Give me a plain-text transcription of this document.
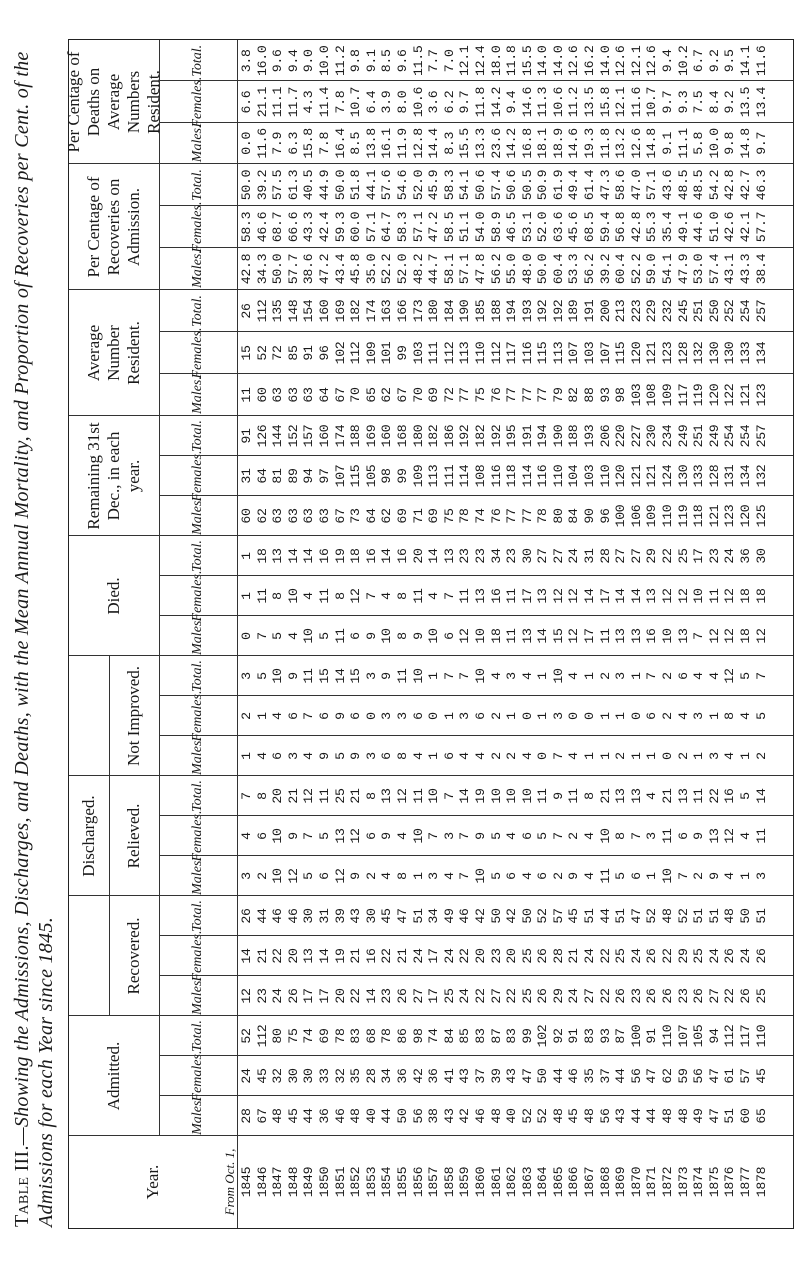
Table III.—Showing the Admissions, Discharges, and Deaths, with the Mean Annual Mortality, and Proportion of Recoveries per Cent. of the Admissions for each Year since 1845.	Year.
Admitted.
Discharged.
Recovered.
Relieved.
Not Improved.
Died.
Remaining 31st Dec., in each year.
Average Number Resident.
Per Centage of Recoveries on Admission.
Per Centage of Deaths on Average Numbers Resident.
From Oct. 1, 1845 1846 1847 1848 1849 1850 1851 1852 1853 1854 1855 1856 1857 1858 1859 1860 1861 1862 1863 1864 1865 1866 1867 1868 1869 1870 1871 1872 1873 1874 1875 1876 1877 1878
28 67 48 45 44 36 46 48 40 44 50 56 38 43 42 46 48 40 52 52 48 45 48 56 43 44 44 48 48 49 47 51 60 65
24 45 32 30 30 33 32 35 28 34 36 42 36 41 43 37 39 43 47 50 44 46 35 37 44 56 47 62 59 56 47 61 57 45
52 112 80 75 74 69 78 83 68 78 86 98 74 84 85 83 87 83 99 102 92 91 83 93 87 100 91 110 107 105 94 112 117 110
12 23 24 26 17 17 20 22 14 23 26 27 17 25 24 22 27 22 25 26 29 24 27 22 26 23 26 26 23 26 27 22 26 25
14 21 22 20 13 14 19 21 16 22 21 24 17 24 22 20 23 20 25 26 28 21 24 22 25 24 26 22 29 25 24 26 24 26
26 44 46 46 30 31 39 43 30 45 47 51 34 49 46 42 50 42 50 52 57 45 51 44 51 47 52 48 52 51 51 48 50 51
3 2 10 12 5 6 12 9 2 4 8 1 3 4 7 10 5 6 4 6 2 9 4 11 5 6 1 10 7 2 9 4 1 3
4 6 10 9 7 5 13 12 6 9 4 10 7 3 7 9 5 4 6 5 7 2 4 10 8 7 3 11 6 9 13 12 4 11
7 8 20 21 12 11 25 21 8 13 12 11 10 7 14 19 10 10 10 11 9 11 8 21 13 13 4 21 13 11 22 16 5 14
1 4 6 3 4 9 5 9 3 6 8 4 1 6 4 4 2 2 4 0 7 4 1 1 2 1 1 0 2 1 3 4 1 2
2 1 4 6 7 6 9 6 0 3 3 6 0 1 3 6 2 1 0 1 3 0 0 1 1 0 6 2 4 3 1 8 4 5
3 5 10 9 11 15 14 15 3 9 11 10 1 7 7 10 4 3 4 1 10 4 1 2 3 1 7 2 6 4 4 12 5 7
0 7 5 4 10 5 11 6 9 10 8 9 10 6 12 10 18 11 13 14 15 12 17 11 13 13 16 10 13 7 12 12 18 12
1 11 8 10 4 11 8 12 7 4 8 11 4 7 11 13 16 11 17 13 12 12 14 17 14 14 13 12 12 10 11 12 18 18
1 18 13 14 14 16 19 18 16 14 16 20 14 13 23 23 34 23 30 27 27 24 31 28 27 27 29 22 25 17 23 24 36 30
60 62 63 63 63 63 67 73 64 62 69 71 69 75 78 74 76 77 77 78 80 84 90 96 100 106 109 110 119 118 121 123 120 125
31 64 81 89 94 97 107 115 105 98 99 109 113 111 114 108 116 118 114 116 110 104 103 110 120 121 121 124 130 133 128 131 134 132
91 126 144 152 157 160 174 188 169 160 168 180 182 186 192 182 192 195 191 194 190 188 193 206 220 227 230 234 249 251 249 254 254 257
11 60 63 63 63 64 67 70 65 62 67 70 69 72 77 75 76 77 77 77 79 82 88 93 98 103 108 109 117 119 120 122 121 123
15 52 72 85 91 96 102 112 109 101 99 103 111 112 113 110 112 117 116 115 113 107 103 107 115 120 121 123 128 132 130 130 133 134
26 112 135 148 154 160 169 182 174 163 166 173 180 184 190 185 188 194 193 192 192 189 191 200 213 223 229 232 245 251 250 252 254 257
42.8 34.3 50.0 57.7 38.6 47.2 43.4 45.8 35.0 52.2 52.0 48.2 44.7 58.1 57.1 47.8 56.2 55.0 48.0 50.0 60.4 53.3 56.2 39.2 60.4 52.2 59.0 54.1 47.9 53.0 57.4 43.1 43.3 38.4
58.3 46.6 68.7 66.6 43.3 42.4 59.3 60.0 57.1 64.7 58.3 57.1 47.2 58.5 51.1 54.0 58.9 46.5 53.1 52.0 63.6 45.6 68.5 59.4 56.8 42.8 55.3 35.4 49.1 44.6 51.0 42.6 42.1 57.7
50.0 39.2 57.5 61.3 40.5 44.9 50.0 51.8 44.1 57.6 54.6 52.0 45.9 58.3 54.1 50.6 57.4 50.6 50.5 50.9 61.9 49.4 61.4 47.3 58.6 47.0 57.1 43.6 48.5 48.5 54.2 42.8 42.7 46.3
0.0 11.6 7.9 6.3 15.8 7.8 16.4 8.5 13.8 16.1 11.9 12.8 14.4 8.3 15.5 13.3 23.6 14.2 16.8 18.1 18.9 14.6 19.3 11.8 13.2 12.6 14.8 9.1 11.1 5.8 10.0 9.8 14.8 9.7
6.6 21.1 11.1 11.7 4.3 11.4 7.8 10.7 6.4 3.9 8.0 10.6 3.6 6.2 9.7 11.8 14.2 9.4 14.6 11.3 10.6 11.2 13.5 15.8 12.1 11.6 10.7 9.7 9.3 7.5 8.4 9.2 13.5 13.4
3.8 16.0 9.6 9.4 9.0 10.0 11.2 9.8 9.1 8.5 9.6 11.5 7.7 7.0 12.1 12.4 18.0 11.8 15.5 14.0 14.0 12.6 16.2 14.0 12.6 12.1 12.6 9.4 10.2 6.7 9.2 9.5 14.1 11.6
Males.
Females.
Total.
Males.
Females.
Total.
Males.
Females.
Total.
Males.
Females.
Total.
Males.
Females.
Total.
Males.
Females.
Total.
Males.
Females.
Total.
Males.
Females.
Total.
Males.
Females.
Total.
